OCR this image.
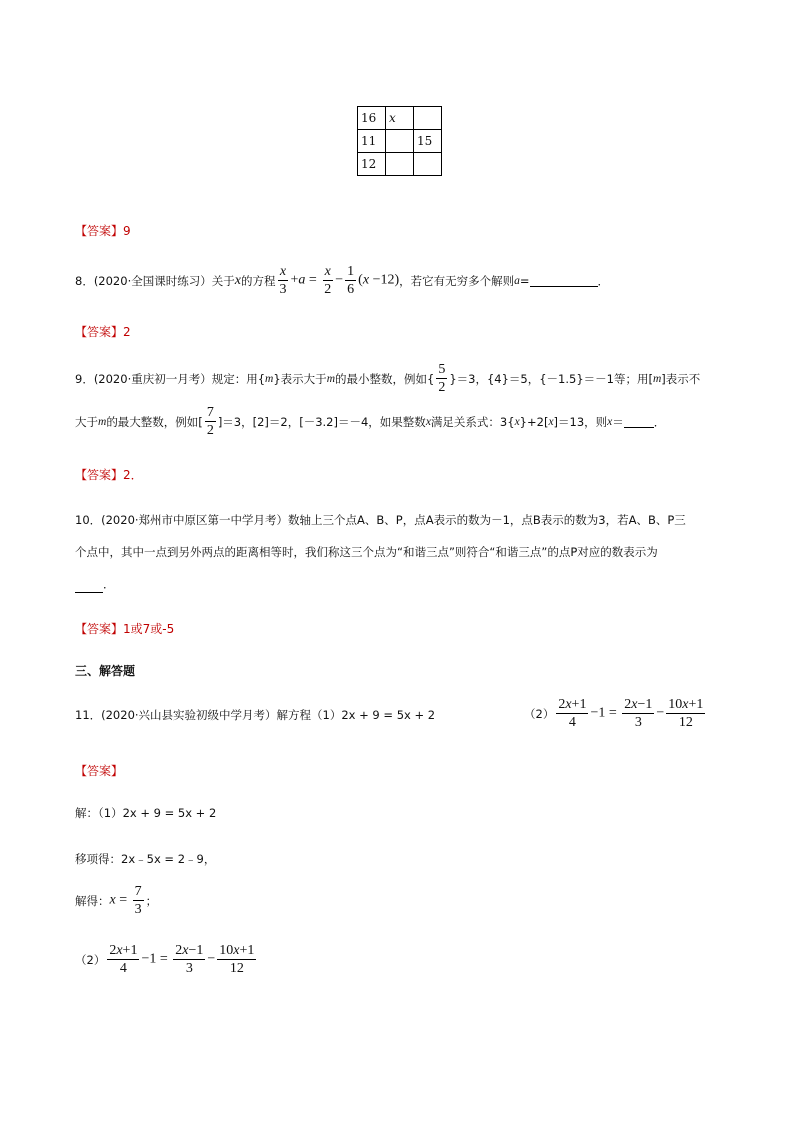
16	x	
11		15
12		
【答案】9
8．(2020·全国课时练习）关于 x 的方程 $\frac{x}{3} +a = \frac{x}{2} - \frac{1}{6} (x -12)$ ，若它有无穷多个解则 a =	．
【答案】2
9．(2020·重庆初一月考）规定：用{ m }表示大于 m 的最小整数，例如{ $\frac{5}{2} \}=3$，{4}＝5，{－1.5}＝－1等；用[ m ]表示不
大于 m 的最大整数，例如[ $\frac{7}{2} ]=3$，[2]＝2，[－3.2]＝－4，如果整数 x 满足关系式：3{ x }+2[ x ]＝13，则 x ＝	．
【答案】2．
10．(2020·郑州市中原区第一中学月考）数轴上三个点A、B、P，点A表示的数为－1，点B表示的数为3，若A、B、P三
个点中，其中一点到另外两点的距离相等时，我们称这三个点为“和谐三点”则符合“和谐三点”的点P对应的数表示为
．
【答案】1或7或-5
三、解答题
11．(2020·兴山县实验初级中学月考）解方程（1）2x + 9 = 5x + 2	$(2) \frac{2x+1}{4} -1 = \frac{2x-1}{3} - \frac{10x+1}{12}$
【答案】
解：（1）2x + 9 = 5x + 2
移项得：2x﹣5x = 2﹣9，
解得： $x = \frac{7}{3}$ ；
$(2) \frac{2x+1}{4} -1 = \frac{2x-1}{3} - \frac{10x+1}{12}$
